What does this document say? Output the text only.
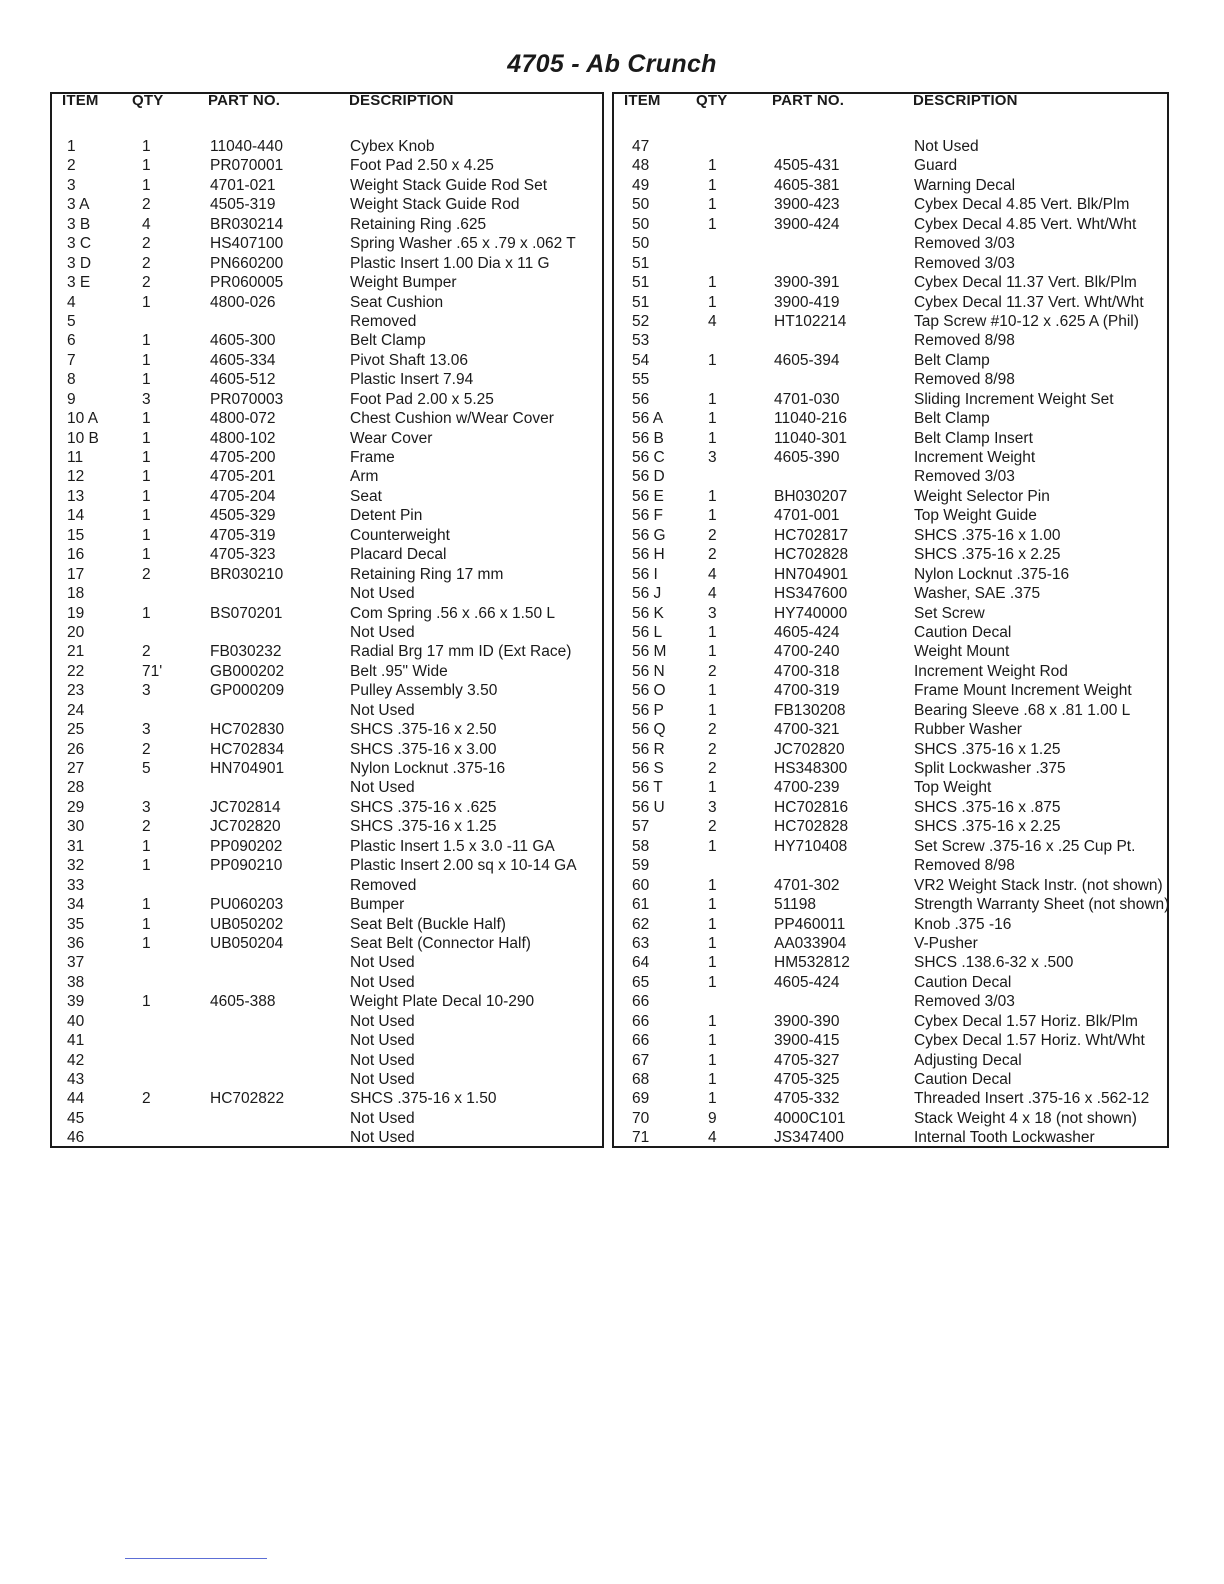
4705 - Ab Crunch
ITEM QTY	PART NO.	DESCRIPTION
1	1	11040-440	Cybex Knob
2	1	PR070001	Foot Pad 2.50 x 4.25
3	1	4701-021	Weight Stack Guide Rod Set
3 A	2	4505-319	Weight Stack Guide Rod
3 B	4	BR030214	Retaining Ring .625
3 C	2	HS407100	Spring Washer .65 x .79 x .062 T
3 D	2	PN660200	Plastic Insert 1.00 Dia x 11 G
3 E	2	PR060005	Weight Bumper
4	1	4800-026	Seat Cushion
5	Removed
6	1	4605-300	Belt Clamp
7	1	4605-334	Pivot Shaft 13.06
8	1	4605-512	Plastic Insert 7.94
9	3	PR070003	Foot Pad 2.00 x 5.25
10 A	1	4800-072	Chest Cushion w/Wear Cover
10 B	1	4800-102	Wear Cover
11	1	4705-200	Frame
12	1	4705-201	Arm
13	1	4705-204	Seat
14	1	4505-329	Detent Pin
15	1	4705-319	Counterweight
16	1	4705-323	Placard Decal
17	2	BR030210	Retaining Ring 17 mm
18	Not Used
19	1	BS070201	Com Spring .56 x .66 x 1.50 L
20	Not Used
21	2	FB030232	Radial Brg 17 mm ID (Ext Race)
22	71'	GB000202	Belt .95" Wide
23	3	GP000209	Pulley Assembly 3.50
24	Not Used
25	3	HC702830	SHCS .375-16 x 2.50
26	2	HC702834	SHCS .375-16 x 3.00
27	5	HN704901	Nylon Locknut .375-16
28	Not Used
29	3	JC702814	SHCS .375-16 x .625
30	2	JC702820	SHCS .375-16 x 1.25
31	1	PP090202	Plastic Insert 1.5 x 3.0 -11 GA
32	1	PP090210	Plastic Insert 2.00 sq x 10-14 GA
33	Removed
34	1	PU060203	Bumper
35	1	UB050202	Seat Belt (Buckle Half)
36	1	UB050204	Seat Belt (Connector Half)
37	Not Used
38	Not Used
39	1	4605-388	Weight Plate Decal 10-290
40	Not Used
41	Not Used
42	Not Used
43	Not Used
44	2	HC702822	SHCS .375-16 x 1.50
45	Not Used
46	Not Used
ITEM QTY	PART NO.	DESCRIPTION
47	Not Used
48	1	4505-431	Guard
49	1	4605-381	Warning Decal
50	1	3900-423	Cybex Decal 4.85 Vert. Blk/Plm
50	1	3900-424	Cybex Decal 4.85 Vert. Wht/Wht
50	Removed 3/03
51	Removed 3/03
51	1	3900-391	Cybex Decal 11.37 Vert. Blk/Plm
51	1	3900-419	Cybex Decal 11.37 Vert. Wht/Wht
52	4	HT102214	Tap Screw #10-12 x .625 A (Phil)
53	Removed 8/98
54	1	4605-394	Belt Clamp
55	Removed 8/98
56	1	4701-030	Sliding Increment Weight Set
56 A	1	11040-216	Belt Clamp
56 B	1	11040-301	Belt Clamp Insert
56 C	3	4605-390	Increment Weight
56 D	Removed 3/03
56 E	1	BH030207	Weight Selector Pin
56 F	1	4701-001	Top Weight Guide
56 G	2	HC702817	SHCS .375-16 x 1.00
56 H	2	HC702828	SHCS .375-16 x 2.25
56 I	4	HN704901	Nylon Locknut .375-16
56 J	4	HS347600	Washer, SAE .375
56 K	3	HY740000	Set Screw
56 L	1	4605-424	Caution Decal
56 M	1	4700-240	Weight Mount
56 N	2	4700-318	Increment Weight Rod
56 O	1	4700-319	Frame Mount Increment Weight
56 P	1	FB130208	Bearing Sleeve .68 x .81 1.00 L
56 Q	2	4700-321	Rubber Washer
56 R	2	JC702820	SHCS .375-16 x 1.25
56 S	2	HS348300	Split Lockwasher .375
56 T	1	4700-239	Top Weight
56 U	3	HC702816	SHCS .375-16 x .875
57	2	HC702828	SHCS .375-16 x 2.25
58	1	HY710408	Set Screw .375-16 x .25 Cup Pt.
59	Removed 8/98
60	1	4701-302	VR2 Weight Stack Instr. (not shown)
61	1	51198	Strength Warranty Sheet (not shown)
62	1	PP460011	Knob .375 -16
63	1	AA033904	V-Pusher
64	1	HM532812	SHCS .138.6-32 x .500
65	1	4605-424	Caution Decal
66	Removed 3/03
66	1	3900-390	Cybex Decal 1.57 Horiz. Blk/Plm
66	1	3900-415	Cybex Decal 1.57 Horiz. Wht/Wht
67	1	4705-327	Adjusting Decal
68	1	4705-325	Caution Decal
69	1	4705-332	Threaded Insert .375-16 x .562-12
70	9	4000C101	Stack Weight 4 x 18 (not shown)
71	4	JS347400	Internal Tooth Lockwasher
